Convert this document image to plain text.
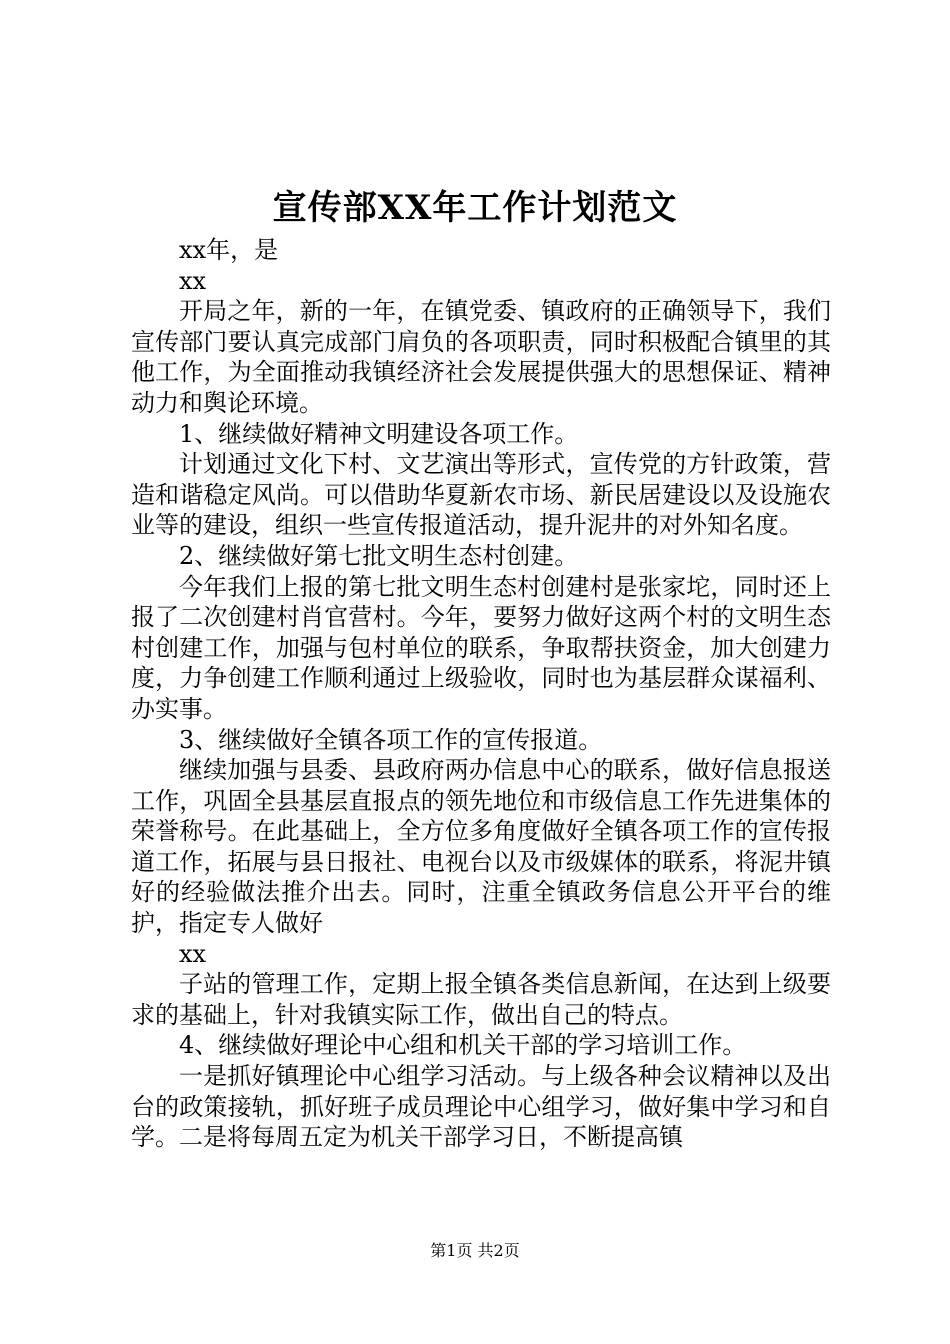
宣传部XX年工作计划范文

xx年，是

xx

开局之年，新的一年，在镇党委、镇政府的正确领导下，我们宣传部门要认真完成部门肩负的各项职责，同时积极配合镇里的其他工作，为全面推动我镇经济社会发展提供强大的思想保证、精神动力和舆论环境。

1、继续做好精神文明建设各项工作。

计划通过文化下村、文艺演出等形式，宣传党的方针政策，营造和谐稳定风尚。可以借助华夏新农市场、新民居建设以及设施农业等的建设，组织一些宣传报道活动，提升泥井的对外知名度。

2、继续做好第七批文明生态村创建。

今年我们上报的第七批文明生态村创建村是张家坨，同时还上报了二次创建村肖官营村。今年，要努力做好这两个村的文明生态村创建工作，加强与包村单位的联系，争取帮扶资金，加大创建力度，力争创建工作顺利通过上级验收，同时也为基层群众谋福利、办实事。

3、继续做好全镇各项工作的宣传报道。

继续加强与县委、县政府两办信息中心的联系，做好信息报送工作，巩固全县基层直报点的领先地位和市级信息工作先进集体的荣誉称号。在此基础上，全方位多角度做好全镇各项工作的宣传报道工作，拓展与县日报社、电视台以及市级媒体的联系，将泥井镇好的经验做法推介出去。同时，注重全镇政务信息公开平台的维护，指定专人做好

xx

子站的管理工作，定期上报全镇各类信息新闻，在达到上级要求的基础上，针对我镇实际工作，做出自己的特点。

4、继续做好理论中心组和机关干部的学习培训工作。

一是抓好镇理论中心组学习活动。与上级各种会议精神以及出台的政策接轨，抓好班子成员理论中心组学习，做好集中学习和自学。二是将每周五定为机关干部学习日，不断提高镇

第1页 共2页
